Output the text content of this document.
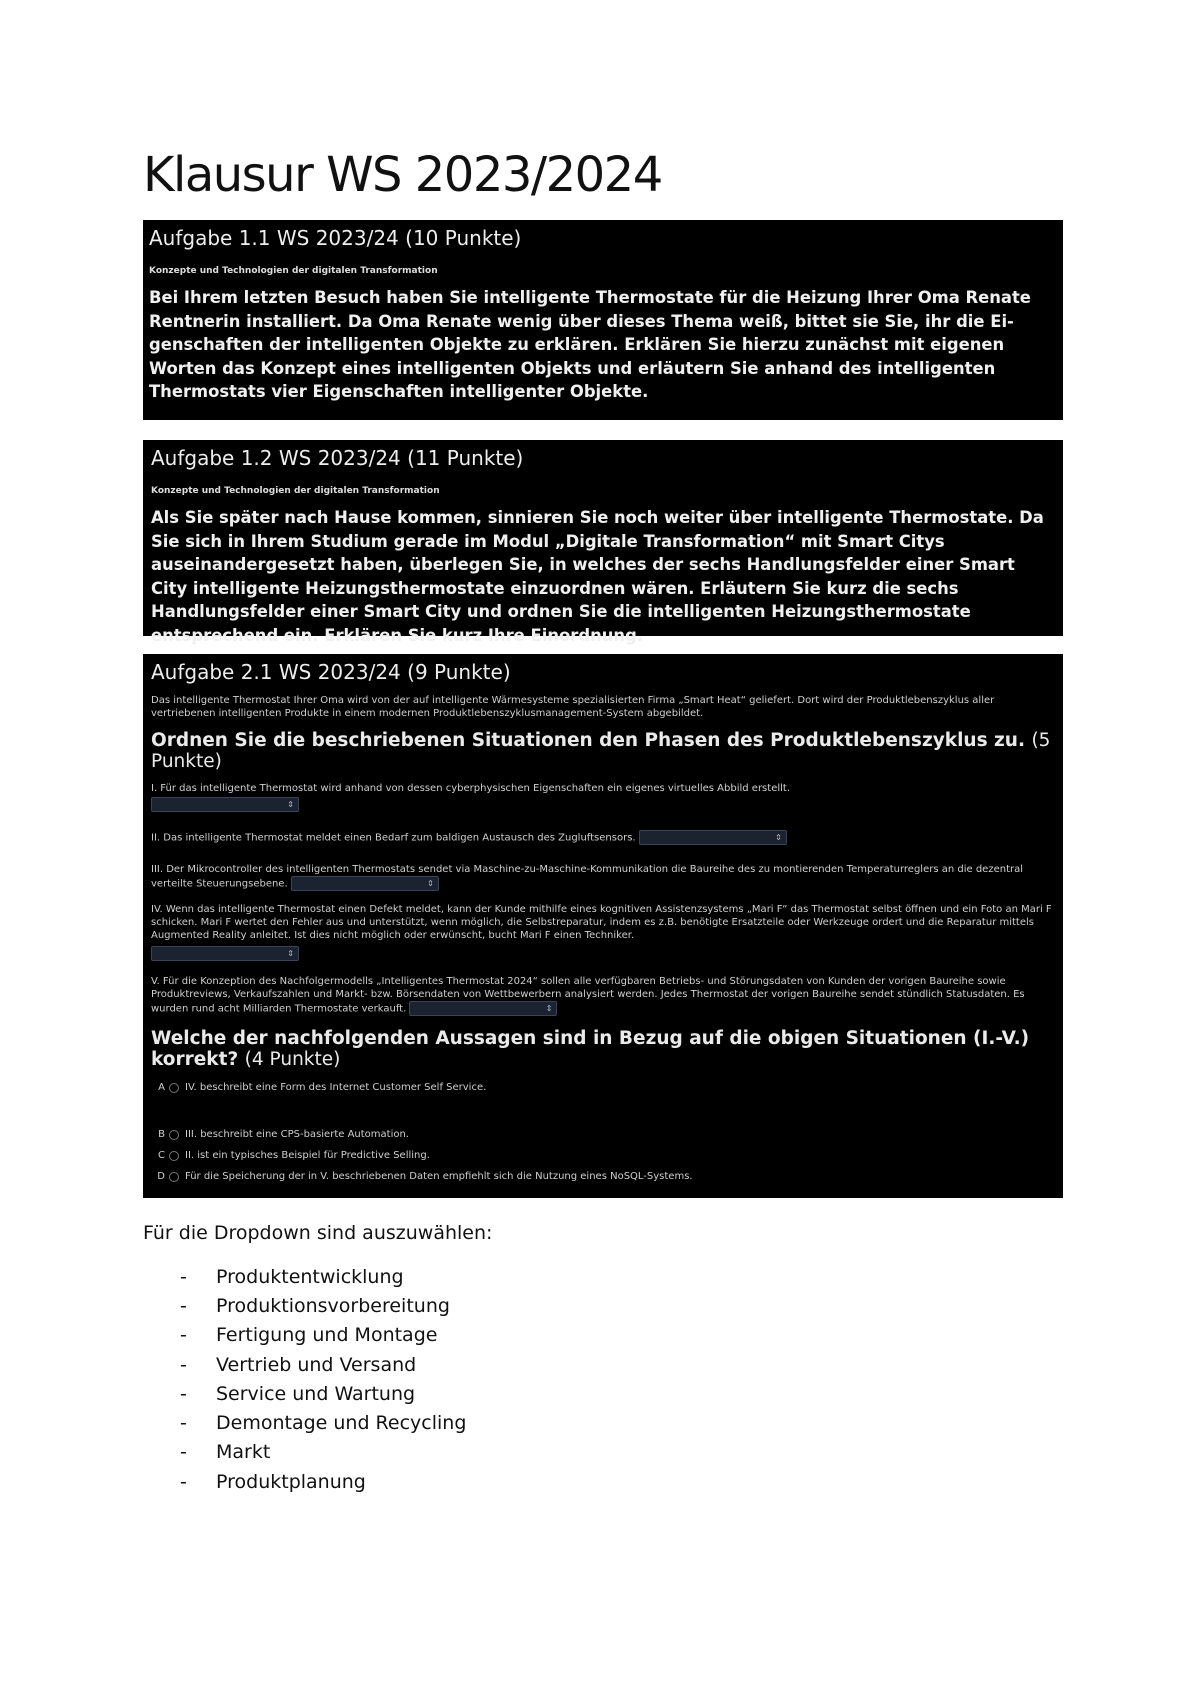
Klausur WS 2023/2024

Aufgabe 1.1 WS 2023/24 (10 Punkte)

Konzepte und Technologien der digitalen Transformation

Bei Ihrem letzten Besuch haben Sie intelligente Thermostate für die Heizung Ihrer Oma Renate Rentnerin installiert. Da Oma Renate wenig über dieses Thema weiß, bittet sie Sie, ihr die Ei-genschaften der intelligenten Objekte zu erklären. Erklären Sie hierzu zunächst mit eigenen Worten das Konzept eines intelligenten Objekts und erläutern Sie anhand des intelligenten Thermostats vier Eigenschaften intelligenter Objekte.

Aufgabe 1.2 WS 2023/24 (11 Punkte)

Konzepte und Technologien der digitalen Transformation

Als Sie später nach Hause kommen, sinnieren Sie noch weiter über intelligente Thermostate. Da Sie sich in Ihrem Studium gerade im Modul „Digitale Transformation“ mit Smart Citys auseinandergesetzt haben, überlegen Sie, in welches der sechs Handlungsfelder einer Smart City intelligente Heizungsthermostate einzuordnen wären. Erläutern Sie kurz die sechs Handlungsfelder einer Smart City und ordnen Sie die intelligenten Heizungsthermostate entsprechend ein. Erklären Sie kurz Ihre Einordnung.

Aufgabe 2.1 WS 2023/24 (9 Punkte)

Das intelligente Thermostat Ihrer Oma wird von der auf intelligente Wärmesysteme spezialisierten Firma „Smart Heat“ geliefert. Dort wird der Produktlebenszyklus aller vertriebenen intelligenten Produkte in einem modernen Produktlebenszyklusmanagement-System abgebildet.

Ordnen Sie die beschriebenen Situationen den Phasen des Produktlebenszyklus zu. (5 Punkte)

I. Für das intelligente Thermostat wird anhand von dessen cyberphysischen Eigenschaften ein eigenes virtuelles Abbild erstellt.

⇕

II. Das intelligente Thermostat meldet einen Bedarf zum baldigen Austausch des Zugluftsensors.	⇕

III. Der Mikrocontroller des intelligenten Thermostats sendet via Maschine-zu-Maschine-Kommunikation die Baureihe des zu montierenden Temperaturreglers an die dezentral verteilte Steuerungsebene.	⇕

IV. Wenn das intelligente Thermostat einen Defekt meldet, kann der Kunde mithilfe eines kognitiven Assistenzsystems „Mari F“ das Thermostat selbst öffnen und ein Foto an Mari F schicken. Mari F wertet den Fehler aus und unterstützt, wenn möglich, die Selbstreparatur, indem es z.B. benötigte Ersatzteile oder Werkzeuge ordert und die Reparatur mittels Augmented Reality anleitet. Ist dies nicht möglich oder erwünscht, bucht Mari F einen Techniker.

⇕

V. Für die Konzeption des Nachfolgermodells „Intelligentes Thermostat 2024“ sollen alle verfügbaren Betriebs- und Störungsdaten von Kunden der vorigen Baureihe sowie Produktreviews, Verkaufszahlen und Markt- bzw. Börsendaten von Wettbewerbern analysiert werden. Jedes Thermostat der vorigen Baureihe sendet stündlich Statusdaten. Es wurden rund acht Milliarden Thermostate verkauft.	⇕

Welche der nachfolgenden Aussagen sind in Bezug auf die obigen Situationen (I.-V.) korrekt? (4 Punkte)

A IV. beschreibt eine Form des Internet Customer Self Service.
B III. beschreibt eine CPS-basierte Automation.
C II. ist ein typisches Beispiel für Predictive Selling.
D Für die Speicherung der in V. beschriebenen Daten empfiehlt sich die Nutzung eines NoSQL-Systems.

Für die Dropdown sind auszuwählen:

-	Produktentwicklung
-	Produktionsvorbereitung
-	Fertigung und Montage
-	Vertrieb und Versand
-	Service und Wartung
-	Demontage und Recycling
-	Markt
-	Produktplanung
